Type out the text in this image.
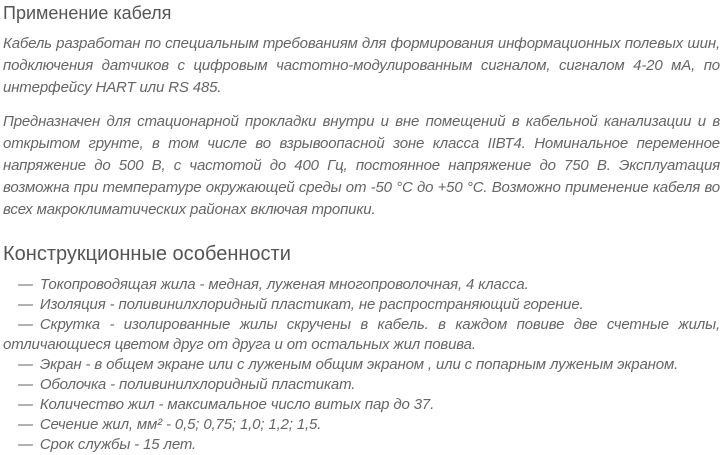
Применение кабеля

Кабель разработан по специальным требованиям для формирования информационных полевых шин, подключения датчиков с цифровым частотно-модулированным сигналом, сигналом 4-20 мА, по интерфейсу HART или RS 485.

Предназначен для стационарной прокладки внутри и вне помещений в кабельной канализации и в открытом грунте, в том числе во взрывоопасной зоне класса IIВТ4. Номинальное переменное напряжение до 500 В, с частотой до 400 Гц, постоянное напряжение до 750 В. Эксплуатация возможна при температуре окружающей среды от -50 °С до +50 °С. Возможно применение кабеля во всех макроклиматических районах включая тропики.

Конструкционные особенности

— Токопроводящая жила - медная, луженая многопроволочная, 4 класса.

— Изоляция - поливинилхлоридный пластикат, не распространяющий горение.

— Скрутка - изолированные жилы скручены в кабель. в каждом повиве две счетные жилы, отличающиеся цветом друг от друга и от остальных жил повива.

— Экран - в общем экране или с луженым общим экраном , или с попарным луженым экраном.

— Оболочка - поливинилхлоридный пластикат.

— Количество жил - максимальное число витых пар до 37.

— Сечение жил, мм² - 0,5; 0,75; 1,0; 1,2; 1,5.

— Срок службы - 15 лет.
